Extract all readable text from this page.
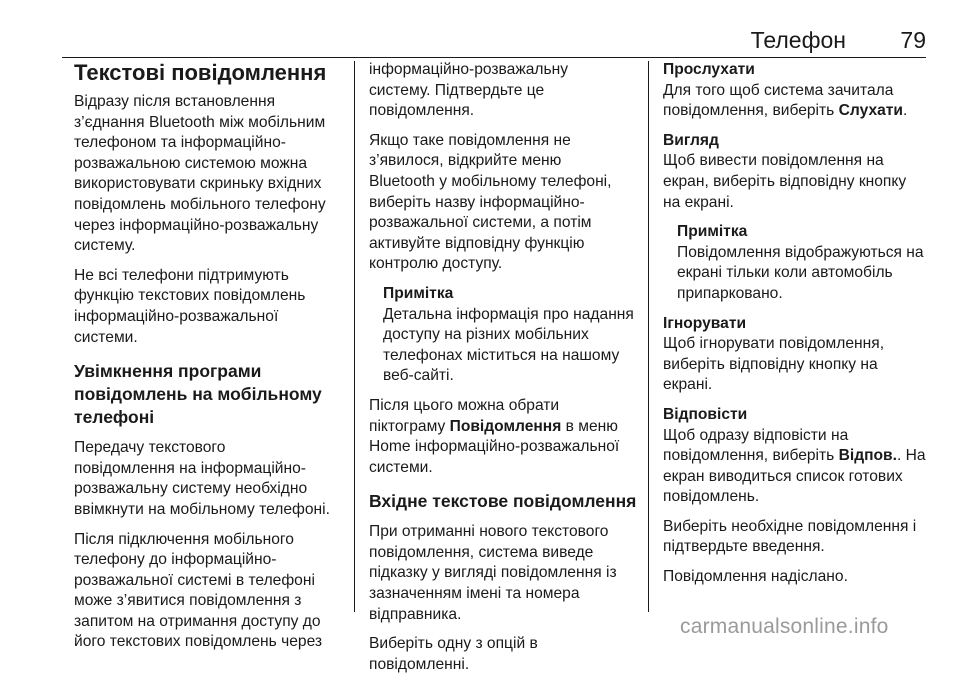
Телефон 79
Текстові повідомлення

Відразу після встановлення
з’єднання Bluetooth між мобільним
телефоном та інформаційно-
розважальною системою можна
використовувати скриньку вхідних
повідомлень мобільного телефону
через інформаційно-розважальну
систему.

Не всі телефони підтримують
функцію текстових повідомлень
інформаційно-розважальної
системи.

Увімкнення програми
повідомлень на мобільному
телефоні

Передачу текстового
повідомлення на інформаційно-
розважальну систему необхідно
ввімкнути на мобільному телефоні.

Після підключення мобільного
телефону до інформаційно-
розважальної системі в телефоні
може з’явитися повідомлення з
запитом на отримання доступу до
його текстових повідомлень через

інформаційно-розважальну
систему. Підтвердьте це
повідомлення.

Якщо таке повідомлення не
з’явилося, відкрийте меню
Bluetooth у мобільному телефоні,
виберіть назву інформаційно-
розважальної системи, а потім
активуйте відповідну функцію
контролю доступу.

Примітка
Детальна інформація про надання
доступу на різних мобільних
телефонах міститься на нашому
веб-сайті.

Після цього можна обрати
піктограму Повідомлення в меню
Home інформаційно-розважальної
системи.

Вхідне текстове повідомлення

При отриманні нового текстового
повідомлення, система виведе
підказку у вигляді повідомлення із
зазначенням імені та номера
відправника.

Виберіть одну з опцій в
повідомленні.

Прослухати
Для того щоб система зачитала
повідомлення, виберіть Слухати.

Вигляд
Щоб вивести повідомлення на
екран, виберіть відповідну кнопку
на екрані.

Примітка
Повідомлення відображуються на
екрані тільки коли автомобіль
припарковано.

Ігнорувати
Щоб ігнорувати повідомлення,
виберіть відповідну кнопку на
екрані.

Відповісти
Щоб одразу відповісти на
повідомлення, виберіть Відпов.. На
екран виводиться список готових
повідомлень.

Виберіть необхідне повідомлення і
підтвердьте введення.

Повідомлення надіслано.

carmanualsonline.info
